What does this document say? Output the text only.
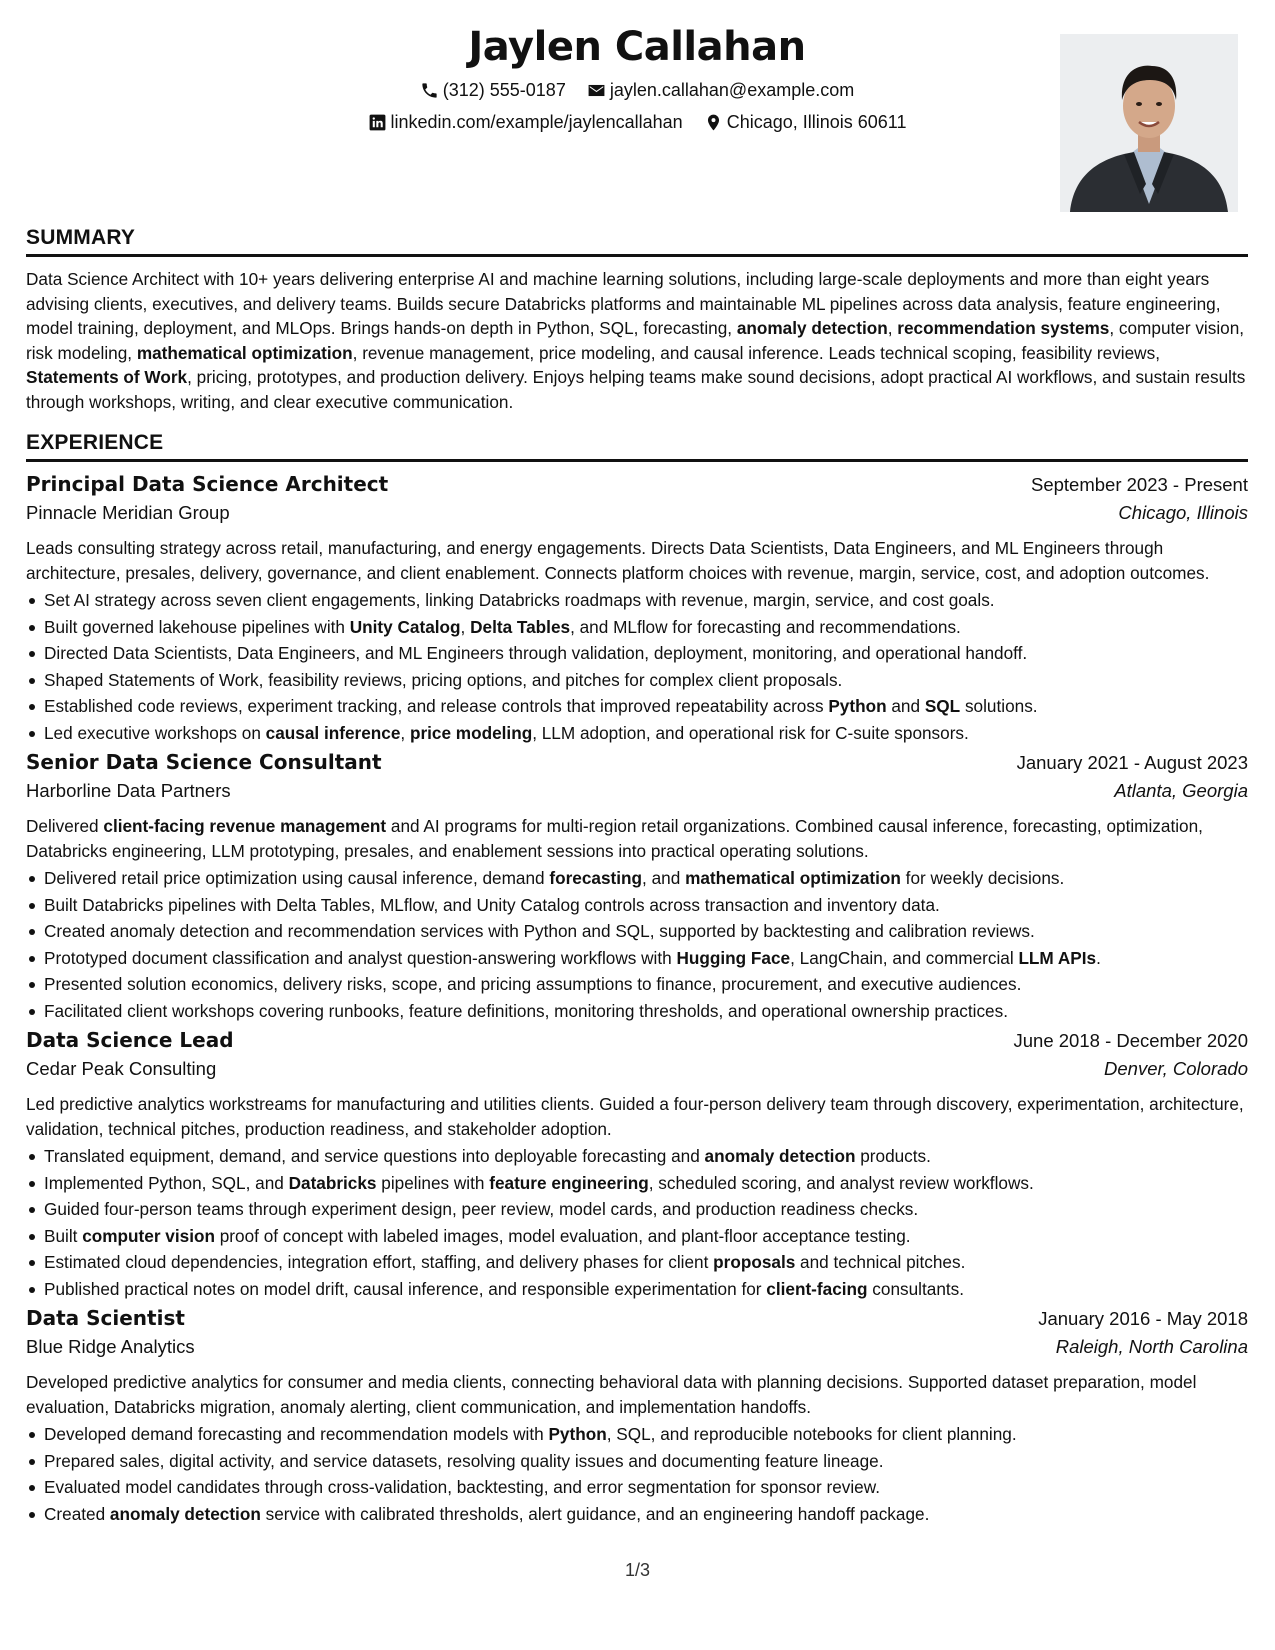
Jaylen Callahan
(312) 555-0187
jaylen.callahan@example.com
linkedin.com/example/jaylencallahan
Chicago, Illinois 60611
SUMMARY

Data Science Architect with 10+ years delivering enterprise AI and machine learning solutions, including large-scale deployments and more than eight years advising clients, executives, and delivery teams. Builds secure Databricks platforms and maintainable ML pipelines across data analysis, feature engineering, model training, deployment, and MLOps. Brings hands-on depth in Python, SQL, forecasting, anomaly detection, recommendation systems, computer vision, risk modeling, mathematical optimization, revenue management, price modeling, and causal inference. Leads technical scoping, feasibility reviews, Statements of Work, pricing, prototypes, and production delivery. Enjoys helping teams make sound decisions, adopt practical AI workflows, and sustain results through workshops, writing, and clear executive communication.

EXPERIENCE
Principal Data Science Architect	September 2023 - Present
Pinnacle Meridian Group	Chicago, Illinois

Leads consulting strategy across retail, manufacturing, and energy engagements. Directs Data Scientists, Data Engineers, and ML Engineers through architecture, presales, delivery, governance, and client enablement. Connects platform choices with revenue, margin, service, cost, and adoption outcomes.

Set AI strategy across seven client engagements, linking Databricks roadmaps with revenue, margin, service, and cost goals.
Built governed lakehouse pipelines with Unity Catalog, Delta Tables, and MLflow for forecasting and recommendations.
Directed Data Scientists, Data Engineers, and ML Engineers through validation, deployment, monitoring, and operational handoff.
Shaped Statements of Work, feasibility reviews, pricing options, and pitches for complex client proposals.
Established code reviews, experiment tracking, and release controls that improved repeatability across Python and SQL solutions.
Led executive workshops on causal inference, price modeling, LLM adoption, and operational risk for C-suite sponsors.
Senior Data Science Consultant	January 2021 - August 2023
Harborline Data Partners	Atlanta, Georgia

Delivered client-facing revenue management and AI programs for multi-region retail organizations. Combined causal inference, forecasting, optimization, Databricks engineering, LLM prototyping, presales, and enablement sessions into practical operating solutions.

Delivered retail price optimization using causal inference, demand forecasting, and mathematical optimization for weekly decisions.
Built Databricks pipelines with Delta Tables, MLflow, and Unity Catalog controls across transaction and inventory data.
Created anomaly detection and recommendation services with Python and SQL, supported by backtesting and calibration reviews.
Prototyped document classification and analyst question-answering workflows with Hugging Face, LangChain, and commercial LLM APIs.
Presented solution economics, delivery risks, scope, and pricing assumptions to finance, procurement, and executive audiences.
Facilitated client workshops covering runbooks, feature definitions, monitoring thresholds, and operational ownership practices.
Data Science Lead	June 2018 - December 2020
Cedar Peak Consulting	Denver, Colorado

Led predictive analytics workstreams for manufacturing and utilities clients. Guided a four-person delivery team through discovery, experimentation, architecture, validation, technical pitches, production readiness, and stakeholder adoption.

Translated equipment, demand, and service questions into deployable forecasting and anomaly detection products.
Implemented Python, SQL, and Databricks pipelines with feature engineering, scheduled scoring, and analyst review workflows.
Guided four-person teams through experiment design, peer review, model cards, and production readiness checks.
Built computer vision proof of concept with labeled images, model evaluation, and plant-floor acceptance testing.
Estimated cloud dependencies, integration effort, staffing, and delivery phases for client proposals and technical pitches.
Published practical notes on model drift, causal inference, and responsible experimentation for client-facing consultants.
Data Scientist	January 2016 - May 2018
Blue Ridge Analytics	Raleigh, North Carolina

Developed predictive analytics for consumer and media clients, connecting behavioral data with planning decisions. Supported dataset preparation, model evaluation, Databricks migration, anomaly alerting, client communication, and implementation handoffs.

Developed demand forecasting and recommendation models with Python, SQL, and reproducible notebooks for client planning.
Prepared sales, digital activity, and service datasets, resolving quality issues and documenting feature lineage.
Evaluated model candidates through cross-validation, backtesting, and error segmentation for sponsor review.
Created anomaly detection service with calibrated thresholds, alert guidance, and an engineering handoff package.
1/3
